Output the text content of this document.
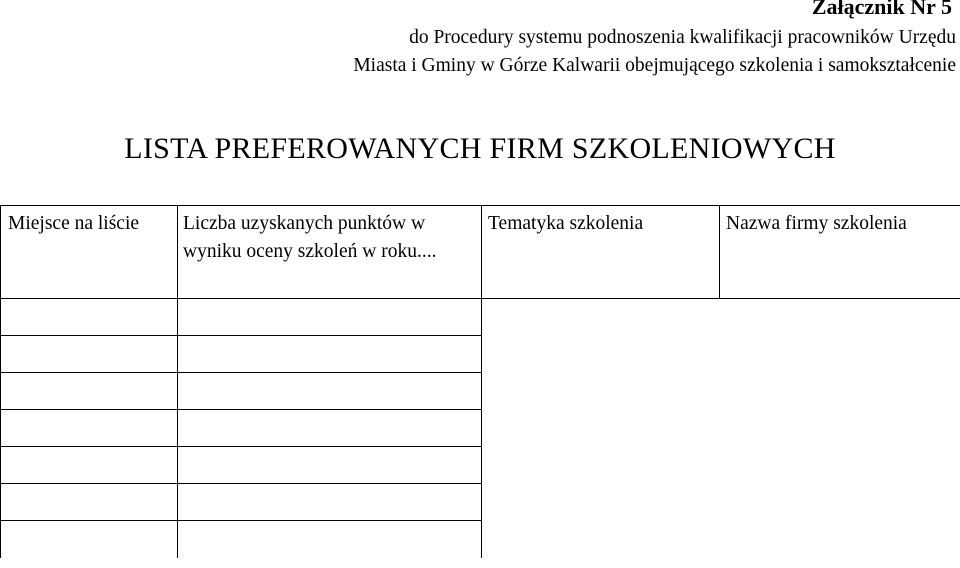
Załącznik Nr 5
do Procedury systemu podnoszenia kwalifikacji pracowników Urzędu
Miasta i Gminy w Górze Kalwarii obejmującego szkolenia i samokształcenie
LISTA PREFEROWANYCH FIRM SZKOLENIOWYCH
Miejsce na liście	Liczba uzyskanych punktów w wyniku oceny szkoleń w roku....	Tematyka szkolenia	Nazwa firmy szkolenia
